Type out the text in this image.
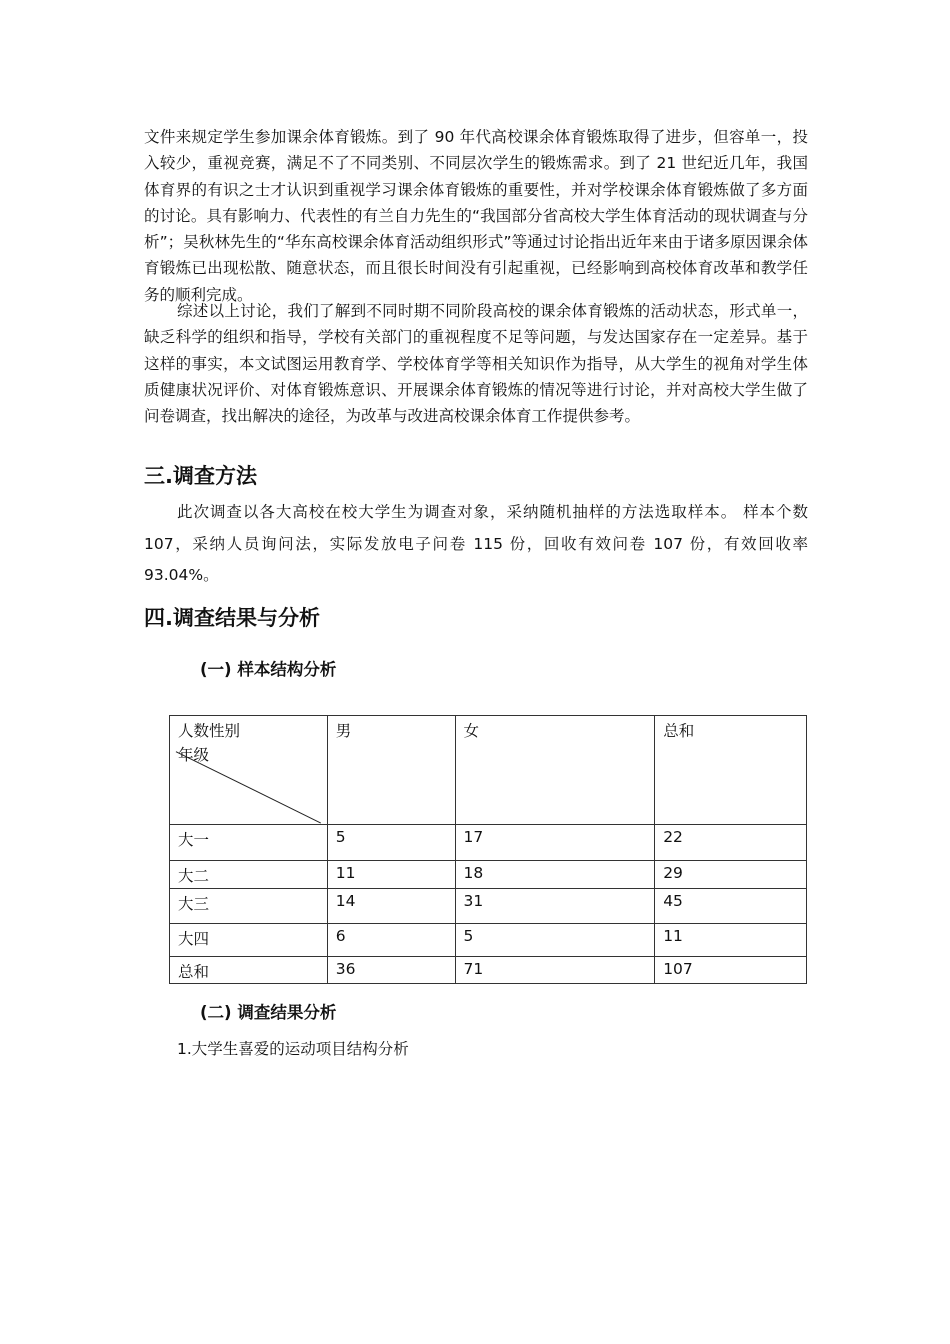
文件来规定学生参加课余体育锻炼。到了 90 年代高校课余体育锻炼取得了进步，但容单一，投入较少，重视竞赛，满足不了不同类别、不同层次学生的锻炼需求。到了 21 世纪近几年，我国体育界的有识之士才认识到重视学习课余体育锻炼的重要性，并对学校课余体育锻炼做了多方面的讨论。具有影响力、代表性的有兰自力先生的“我国部分省高校大学生体育活动的现状调查与分析”；吴秋林先生的“华东高校课余体育活动组织形式”等通过讨论指出近年来由于诸多原因课余体育锻炼已出现松散、随意状态，而且很长时间没有引起重视，已经影响到高校体育改革和教学任务的顺利完成。

综述以上讨论，我们了解到不同时期不同阶段高校的课余体育锻炼的活动状态，形式单一，缺乏科学的组织和指导，学校有关部门的重视程度不足等问题，与发达国家存在一定差异。基于这样的事实，本文试图运用教育学、学校体育学等相关知识作为指导，从大学生的视角对学生体质健康状况评价、对体育锻炼意识、开展课余体育锻炼的情况等进行讨论，并对高校大学生做了问卷调查，找出解决的途径，为改革与改进高校课余体育工作提供参考。

三.调查方法

此次调查以各大高校在校大学生为调查对象，采纳随机抽样的方法选取样本。 样本个数 107，采纳人员询问法，实际发放电子问卷 115 份，回收有效问卷 107 份，有效回收率 93.04%。

四.调查结果与分析
(一) 样本结构分析
人数性别
年级	男	女	总和
大一	5	17	22
大二	11	18	29
大三	14	31	45
大四	6	5	11
总和	36	71	107
(二) 调查结果分析

1.大学生喜爱的运动项目结构分析
